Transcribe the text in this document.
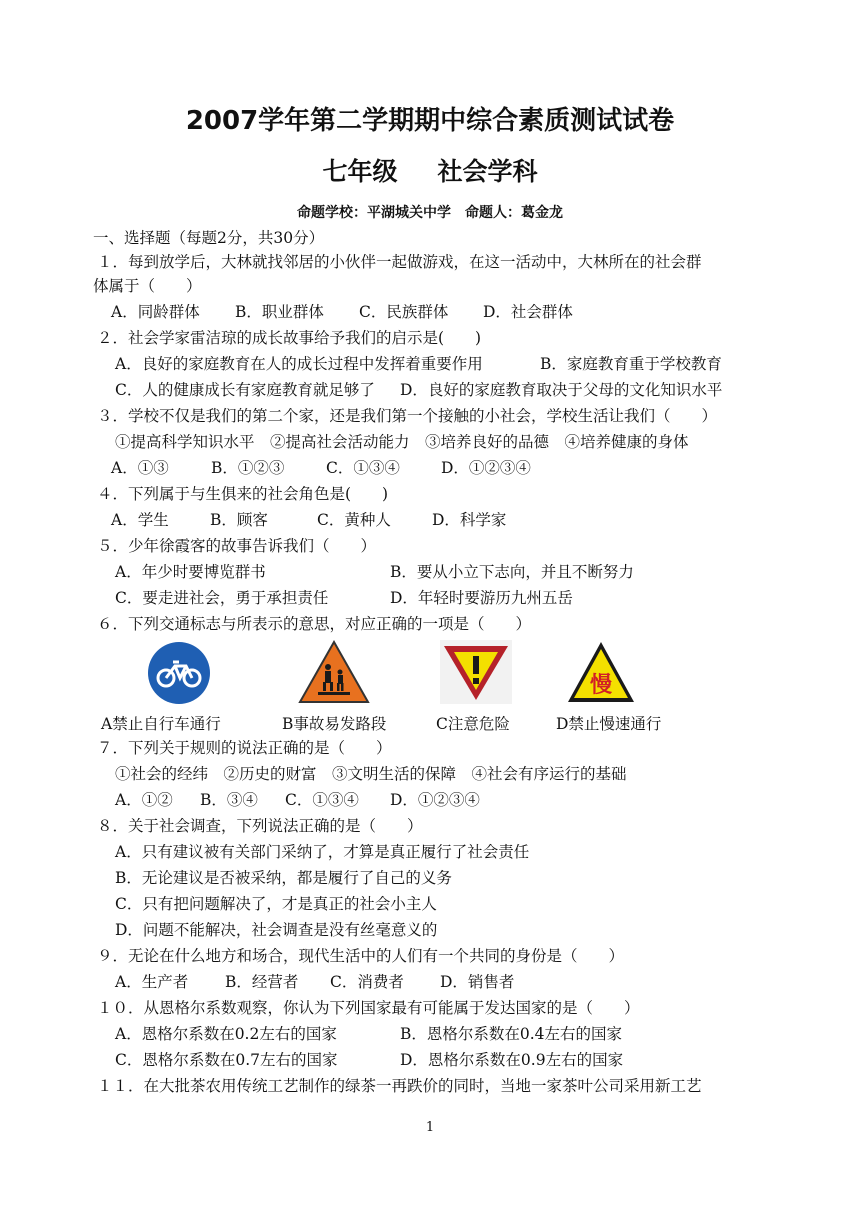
2007学年第二学期期中综合素质测试试卷
七年级 社会学科
命题学校：平湖城关中学　命题人：葛金龙
一、选择题（每题2分，共30分）
１．每到放学后，大林就找邻居的小伙伴一起做游戏，在这一活动中，大林所在的社会群
体属于（　　）
A．同龄群体 B．职业群体 C．民族群体 D．社会群体
２．社会学家雷洁琼的成长故事给予我们的启示是(　　)
A．良好的家庭教育在人的成长过程中发挥着重要作用	B．家庭教育重于学校教育
C．人的健康成长有家庭教育就足够了 D．良好的家庭教育取决于父母的文化知识水平
３．学校不仅是我们的第二个家，还是我们第一个接触的小社会，学校生活让我们（　　）
①提高科学知识水平　②提高社会活动能力　③培养良好的品德　④培养健康的身体
A．①③	B．①②③	C．①③④	D．①②③④
４．下列属于与生俱来的社会角色是(　　)
A．学生	B．顾客	C．黄种人	D．科学家
５．少年徐霞客的故事告诉我们（　　）
A．年少时要博览群书	B．要从小立下志向，并且不断努力
C．要走进社会，勇于承担责任	D．年轻时要游历九州五岳
６．下列交通标志与所表示的意思，对应正确的一项是（　　）
慢
A禁止自行车通行	B事故易发路段	C注意危险	D禁止慢速通行
７．下列关于规则的说法正确的是（　　）
①社会的经纬　②历史的财富　③文明生活的保障　④社会有序运行的基础
A．①② B．③④ C．①③④ D．①②③④
８．关于社会调查，下列说法正确的是（　　）
A．只有建议被有关部门采纳了，才算是真正履行了社会责任
B．无论建议是否被采纳，都是履行了自己的义务
C．只有把问题解决了，才是真正的社会小主人
D．问题不能解决，社会调查是没有丝毫意义的
９．无论在什么地方和场合，现代生活中的人们有一个共同的身份是（　　）
A．生产者 B．经营者 C．消费者 D．销售者
１０．从恩格尔系数观察，你认为下列国家最有可能属于发达国家的是（　　）
A．恩格尔系数在0.2左右的国家	B．恩格尔系数在0.4左右的国家
C．恩格尔系数在0.7左右的国家	D．恩格尔系数在0.9左右的国家
１１．在大批茶农用传统工艺制作的绿茶一再跌价的同时，当地一家茶叶公司采用新工艺
1
